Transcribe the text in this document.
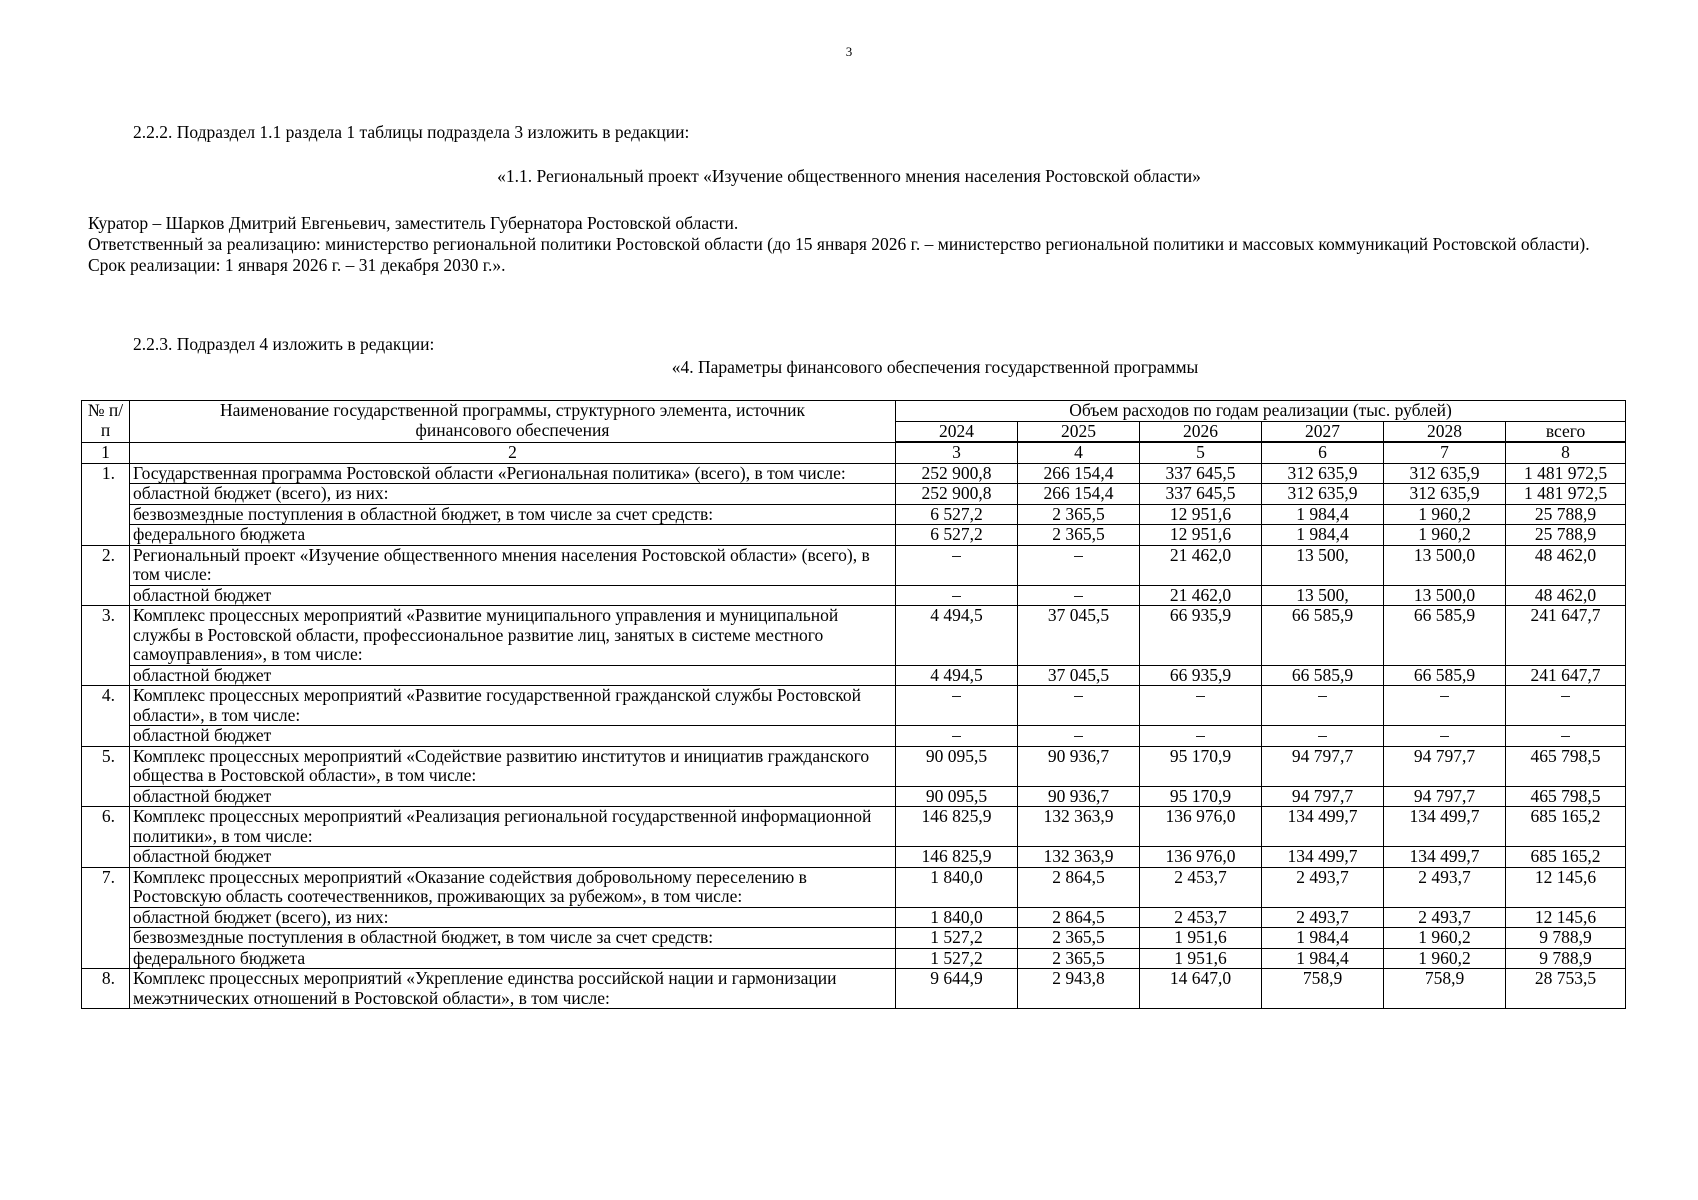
3
2.2.2. Подраздел 1.1 раздела 1 таблицы подраздела 3 изложить в редакции:
«1.1. Региональный проект «Изучение общественного мнения населения Ростовской области»
Куратор – Шарков Дмитрий Евгеньевич, заместитель Губернатора Ростовской области.
Ответственный за реализацию: министерство региональной политики Ростовской области (до 15 января 2026 г. – министерство региональной политики и массовых коммуникаций Ростовской области).
Срок реализации: 1 января 2026 г. – 31 декабря 2030 г.».
2.2.3. Подраздел 4 изложить в редакции:
«4. Параметры финансового обеспечения государственной программы
№ п/п	Наименование государственной программы, структурного элемента, источник финансового обеспечения	Объем расходов по годам реализации (тыс. рублей)					
		2024	2025	2026	2027	2028	всего
1	2	3	4	5	6	7	8
1.	Государственная программа Ростовской области «Региональная политика» (всего), в том числе:	252 900,8	266 154,4	337 645,5	312 635,9	312 635,9	1 481 972,5
	областной бюджет (всего), из них:	252 900,8	266 154,4	337 645,5	312 635,9	312 635,9	1 481 972,5
	безвозмездные поступления в областной бюджет, в том числе за счет средств:	6 527,2	2 365,5	12 951,6	1 984,4	1 960,2	25 788,9
	федерального бюджета	6 527,2	2 365,5	12 951,6	1 984,4	1 960,2	25 788,9
2.	Региональный проект «Изучение общественного мнения населения Ростовской области» (всего), в том числе:	–	–	21 462,0	13 500,	13 500,0	48 462,0
	областной бюджет	–	–	21 462,0	13 500,	13 500,0	48 462,0
3.	Комплекс процессных мероприятий «Развитие муниципального управления и муниципальной службы в Ростовской области, профессиональное развитие лиц, занятых в системе местного самоуправления», в том числе:	4 494,5	37 045,5	66 935,9	66 585,9	66 585,9	241 647,7
	областной бюджет	4 494,5	37 045,5	66 935,9	66 585,9	66 585,9	241 647,7
4.	Комплекс процессных мероприятий «Развитие государственной гражданской службы Ростовской области», в том числе:	–	–	–	–	–	–
	областной бюджет	–	–	–	–	–	–
5.	Комплекс процессных мероприятий «Содействие развитию институтов и инициатив гражданского общества в Ростовской области», в том числе:	90 095,5	90 936,7	95 170,9	94 797,7	94 797,7	465 798,5
	областной бюджет	90 095,5	90 936,7	95 170,9	94 797,7	94 797,7	465 798,5
6.	Комплекс процессных мероприятий «Реализация региональной государственной информационной политики», в том числе:	146 825,9	132 363,9	136 976,0	134 499,7	134 499,7	685 165,2
	областной бюджет	146 825,9	132 363,9	136 976,0	134 499,7	134 499,7	685 165,2
7.	Комплекс процессных мероприятий «Оказание содействия добровольному переселению в Ростовскую область соотечественников, проживающих за рубежом», в том числе:	1 840,0	2 864,5	2 453,7	2 493,7	2 493,7	12 145,6
	областной бюджет (всего), из них:	1 840,0	2 864,5	2 453,7	2 493,7	2 493,7	12 145,6
	безвозмездные поступления в областной бюджет, в том числе за счет средств:	1 527,2	2 365,5	1 951,6	1 984,4	1 960,2	9 788,9
	федерального бюджета	1 527,2	2 365,5	1 951,6	1 984,4	1 960,2	9 788,9
8.	Комплекс процессных мероприятий «Укрепление единства российской нации и гармонизации межэтнических отношений в Ростовской области», в том числе:	9 644,9	2 943,8	14 647,0	758,9	758,9	28 753,5
